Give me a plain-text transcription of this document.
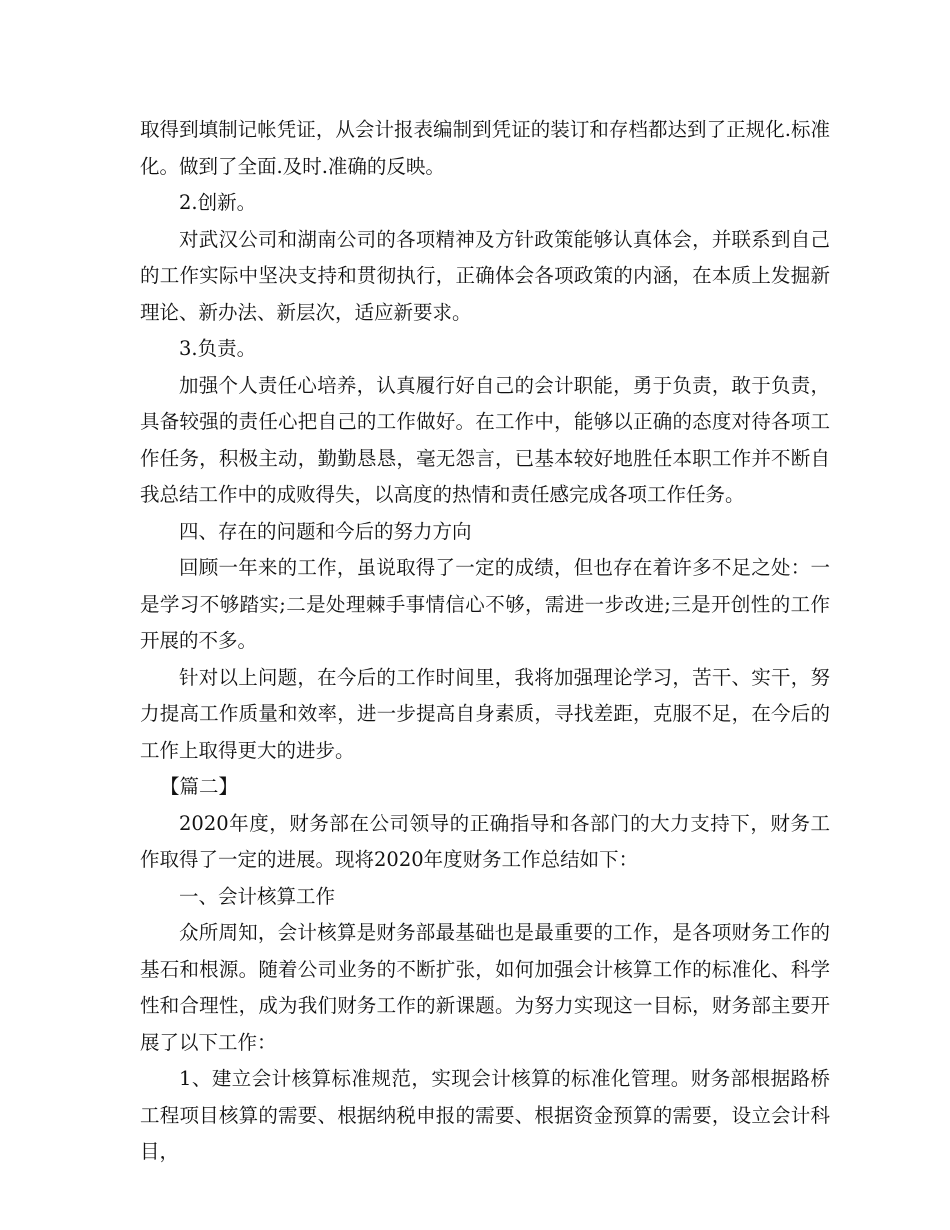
取得到填制记帐凭证，从会计报表编制到凭证的装订和存档都达到了正规化.标准化。做到了全面.及时.准确的反映。

2.创新。

对武汉公司和湖南公司的各项精神及方针政策能够认真体会，并联系到自己的工作实际中坚决支持和贯彻执行，正确体会各项政策的内涵，在本质上发掘新理论、新办法、新层次，适应新要求。

3.负责。

加强个人责任心培养，认真履行好自己的会计职能，勇于负责，敢于负责，具备较强的责任心把自己的工作做好。在工作中，能够以正确的态度对待各项工作任务，积极主动，勤勤恳恳，毫无怨言，已基本较好地胜任本职工作并不断自我总结工作中的成败得失，以高度的热情和责任感完成各项工作任务。

四、存在的问题和今后的努力方向

回顾一年来的工作，虽说取得了一定的成绩，但也存在着许多不足之处：一是学习不够踏实;二是处理棘手事情信心不够，需进一步改进;三是开创性的工作开展的不多。

针对以上问题，在今后的工作时间里，我将加强理论学习，苦干、实干，努力提高工作质量和效率，进一步提高自身素质，寻找差距，克服不足，在今后的工作上取得更大的进步。

【篇二】

2020年度，财务部在公司领导的正确指导和各部门的大力支持下，财务工作取得了一定的进展。现将2020年度财务工作总结如下：

一、会计核算工作

众所周知，会计核算是财务部最基础也是最重要的工作，是各项财务工作的基石和根源。随着公司业务的不断扩张，如何加强会计核算工作的标准化、科学性和合理性，成为我们财务工作的新课题。为努力实现这一目标，财务部主要开展了以下工作：

1、建立会计核算标准规范，实现会计核算的标准化管理。财务部根据路桥工程项目核算的需要、根据纳税申报的需要、根据资金预算的需要，设立会计科目，
